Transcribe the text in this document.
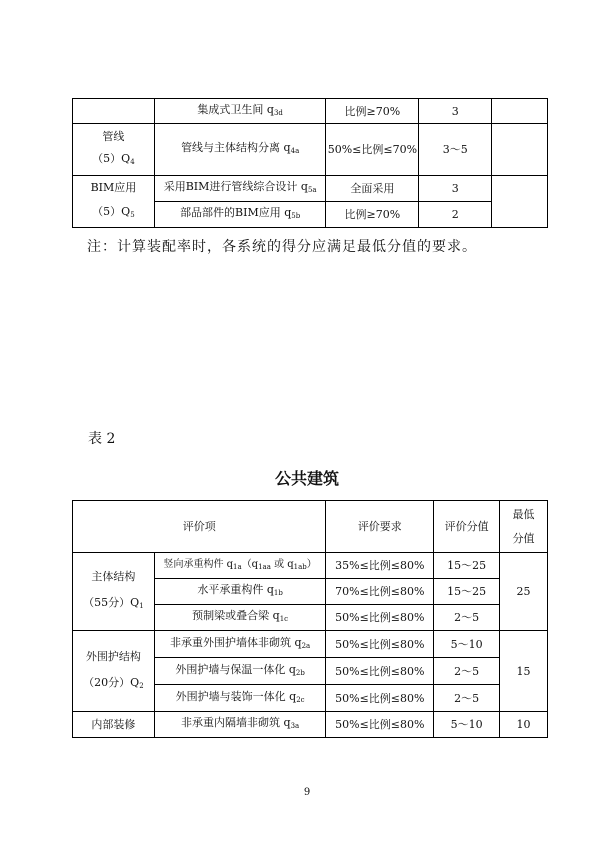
	集成式卫生间 $q_{3d}$	比例≥70%	3	
管线
$(5)Q_4$	管线与主体结构分离 $q_{4a}$	50%≤比例≤70%	3～5	
BIM应用
$(5)Q_5$	采用BIM进行管线综合设计 $q_{5a}$	全面采用	3	
	部品部件的BIM应用 $q_{5b}$	比例≥70%	2	
注：计算装配率时，各系统的得分应满足最低分值的要求。
表 2
公共建筑
评价项		评价要求	评价分值	最低
分值
主体结构
（55分）$Q_1$	竖向承重构件 $q_{1a}(q_{1aa}$ 或 $q_{1ab}$）	35%≤比例≤80%	15～25	25
	水平承重构件 $q_{1b}$	70%≤比例≤80%	15～25	
	预制梁或叠合梁 $q_{1c}$	50%≤比例≤80%	2～5	
外围护结构
（20分）$Q_2$	非承重外围护墙体非砌筑 $q_{2a}$	50%≤比例≤80%	5～10	15
	外围护墙与保温一体化 $q_{2b}$	50%≤比例≤80%	2～5	
	外围护墙与装饰一体化 $q_{2c}$	50%≤比例≤80%	2～5	
内部装修	非承重内隔墙非砌筑 $q_{3a}$	50%≤比例≤80%	5～10	10
9
